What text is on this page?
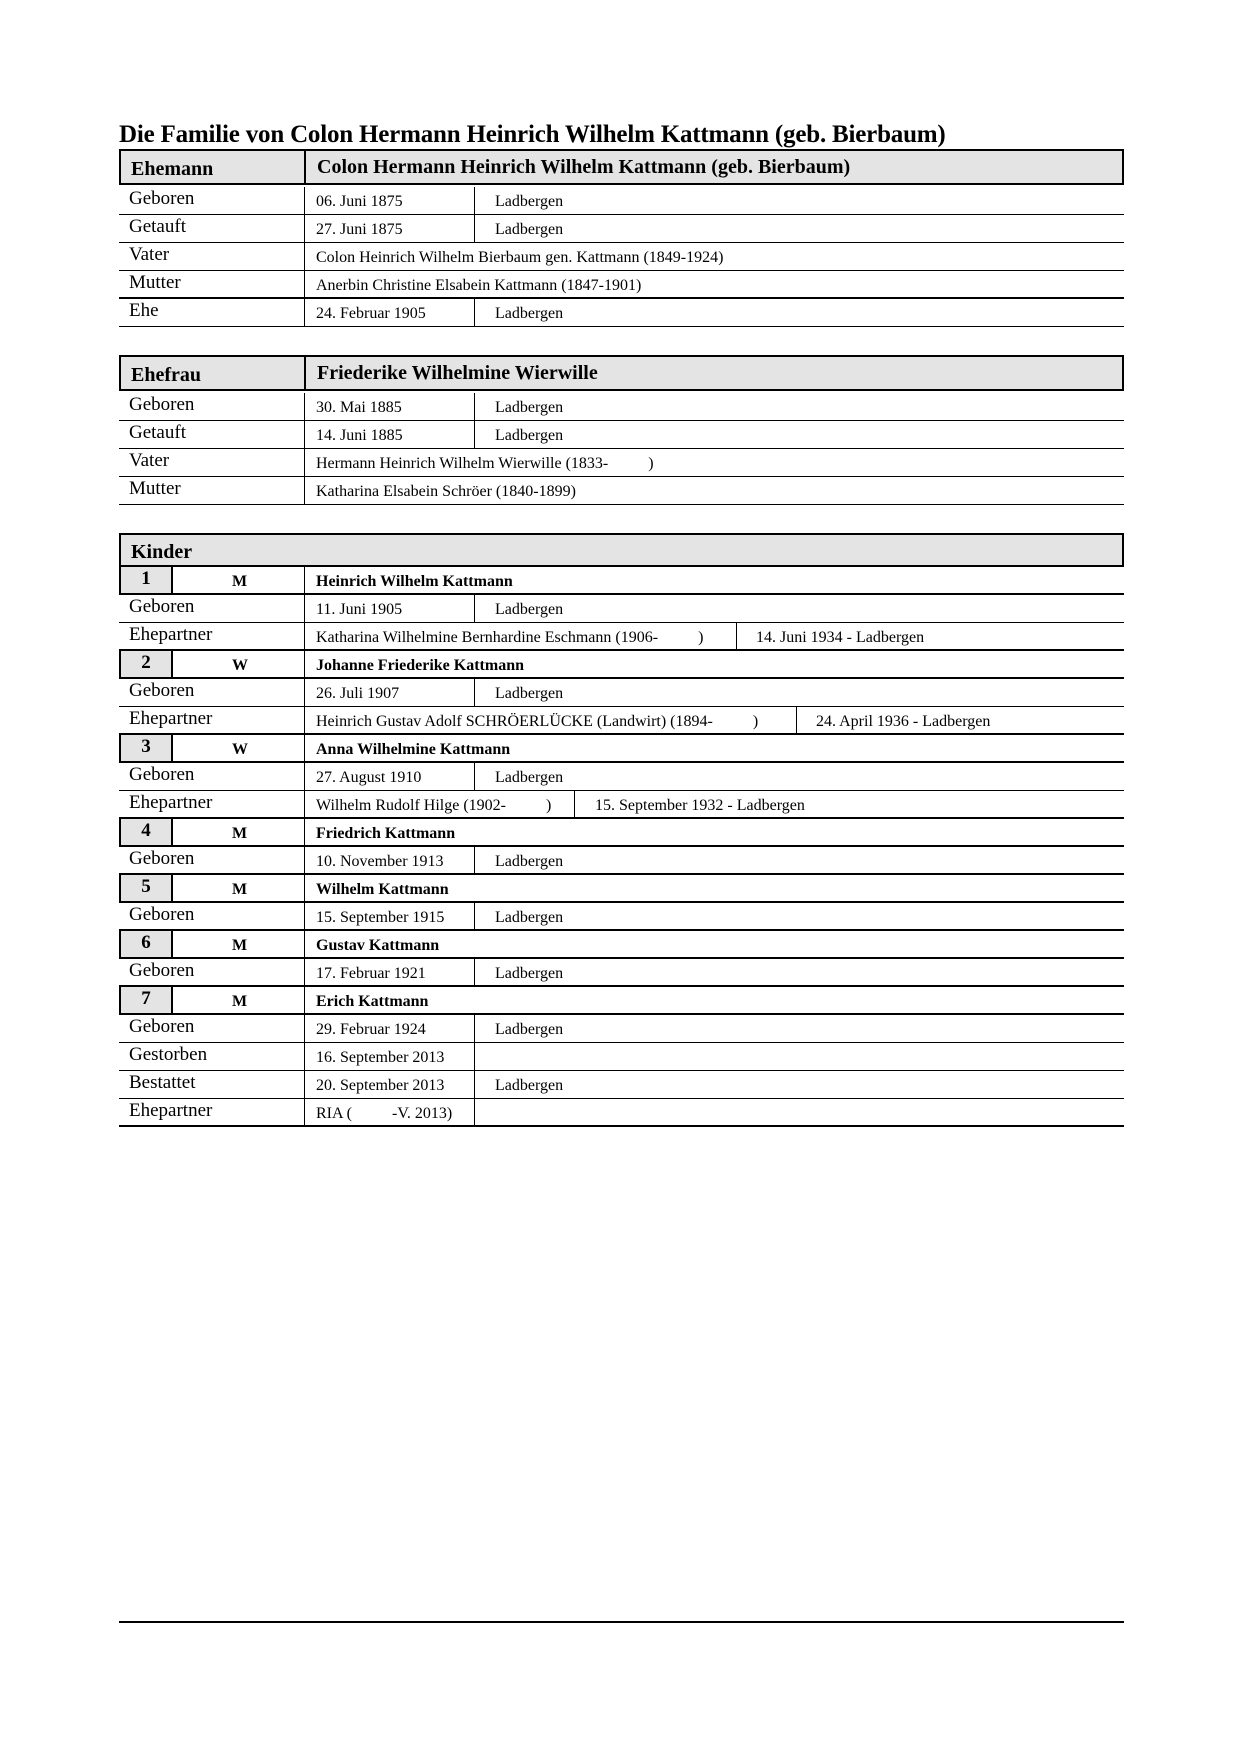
Die Familie von Colon Hermann Heinrich Wilhelm Kattmann (geb. Bierbaum)
Ehemann	Colon Hermann Heinrich Wilhelm Kattmann (geb. Bierbaum)
Geboren	06. Juni 1875	Ladbergen
Getauft	27. Juni 1875	Ladbergen
Vater	Colon Heinrich Wilhelm Bierbaum gen. Kattmann (1849-1924)
Mutter	Anerbin Christine Elsabein Kattmann (1847-1901)
Ehe	24. Februar 1905	Ladbergen
Ehefrau	Friederike Wilhelmine Wierwille
Geboren	30. Mai 1885	Ladbergen
Getauft	14. Juni 1885	Ladbergen
Vater	Hermann Heinrich Wilhelm Wierwille (1833-          )
Mutter	Katharina Elsabein Schröer (1840-1899)
Kinder
1	M	Heinrich Wilhelm Kattmann
Geboren	11. Juni 1905	Ladbergen
Ehepartner	Katharina Wilhelmine Bernhardine Eschmann (1906-          )	14. Juni 1934 - Ladbergen
2	W	Johanne Friederike Kattmann
Geboren	26. Juli 1907	Ladbergen
Ehepartner	Heinrich Gustav Adolf SCHRÖERLÜCKE (Landwirt) (1894-          )	24. April 1936 - Ladbergen
3	W	Anna Wilhelmine Kattmann
Geboren	27. August 1910	Ladbergen
Ehepartner	Wilhelm Rudolf Hilge (1902-          )	15. September 1932 - Ladbergen
4	M	Friedrich Kattmann
Geboren	10. November 1913	Ladbergen
5	M	Wilhelm Kattmann
Geboren	15. September 1915	Ladbergen
6	M	Gustav Kattmann
Geboren	17. Februar 1921	Ladbergen
7	M	Erich Kattmann
Geboren	29. Februar 1924	Ladbergen
Gestorben	16. September 2013
Bestattet	20. September 2013	Ladbergen
Ehepartner	RIA (          -V. 2013)
